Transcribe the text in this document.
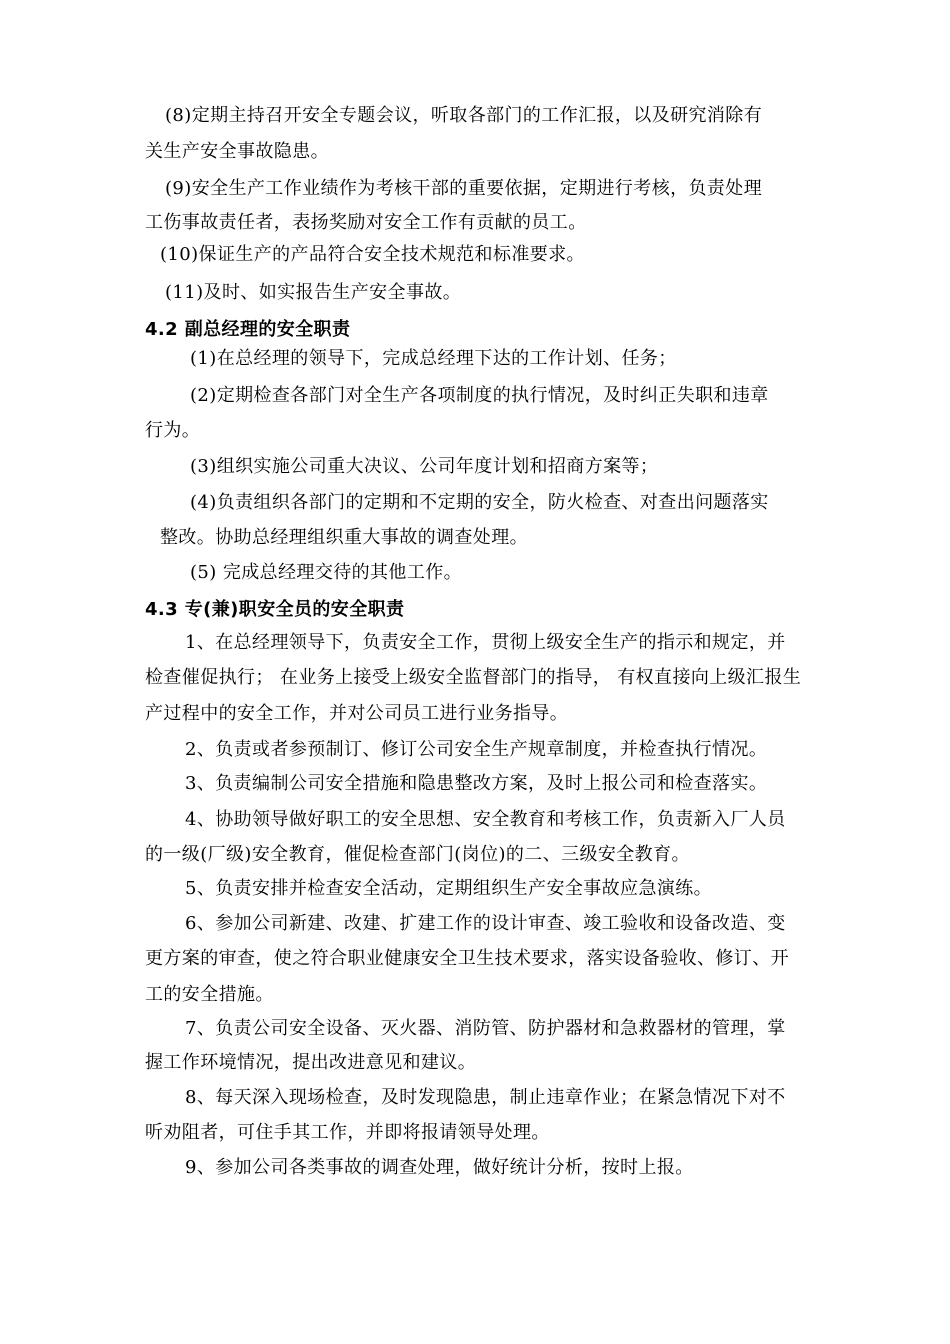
(8)定期主持召开安全专题会议，听取各部门的工作汇报，以及研究消除有
关生产安全事故隐患。
(9)安全生产工作业绩作为考核干部的重要依据，定期进行考核，负责处理
工伤事故责任者，表扬奖励对安全工作有贡献的员工。
(10)保证生产的产品符合安全技术规范和标准要求。
(11)及时、如实报告生产安全事故。
4.2 副总经理的安全职责
(1)在总经理的领导下，完成总经理下达的工作计划、任务；
(2)定期检查各部门对全生产各项制度的执行情况，及时纠正失职和违章
行为。
(3)组织实施公司重大决议、公司年度计划和招商方案等；
(4)负责组织各部门的定期和不定期的安全，防火检查、对查出问题落实
整改。协助总经理组织重大事故的调查处理。
(5) 完成总经理交待的其他工作。
4.3 专(兼)职安全员的安全职责
1、在总经理领导下，负责安全工作，贯彻上级安全生产的指示和规定，并
检查催促执行； 在业务上接受上级安全监督部门的指导， 有权直接向上级汇报生
产过程中的安全工作，并对公司员工进行业务指导。
2、负责或者参预制订、修订公司安全生产规章制度，并检查执行情况。
3、负责编制公司安全措施和隐患整改方案，及时上报公司和检查落实。
4、协助领导做好职工的安全思想、安全教育和考核工作，负责新入厂人员
的一级(厂级)安全教育，催促检查部门(岗位)的二、三级安全教育。
5、负责安排并检查安全活动，定期组织生产安全事故应急演练。
6、参加公司新建、改建、扩建工作的设计审查、竣工验收和设备改造、变
更方案的审查，使之符合职业健康安全卫生技术要求，落实设备验收、修订、开
工的安全措施。
7、负责公司安全设备、灭火器、消防管、防护器材和急救器材的管理，掌
握工作环境情况，提出改进意见和建议。
8、每天深入现场检查，及时发现隐患，制止违章作业；在紧急情况下对不
听劝阻者，可住手其工作，并即将报请领导处理。
9、参加公司各类事故的调查处理，做好统计分析，按时上报。
